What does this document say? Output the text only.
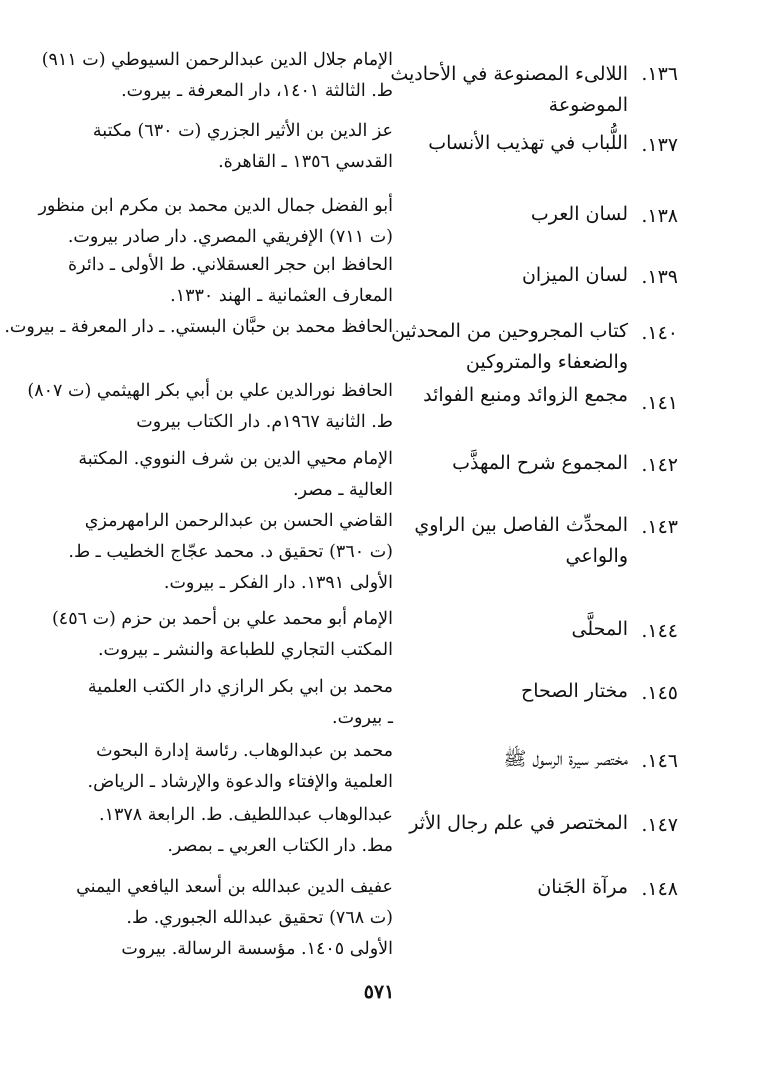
١٣٦.
اللالىء المصنوعة في الأحاديث
الموضوعة
الإمام جلال الدين عبدالرحمن السيوطي (ت ٩١١)
ط. الثالثة ١٤٠١، دار المعرفة ـ بيروت.
١٣٧.
اللُّباب في تهذيب الأنساب
عز الدين بن الأثير الجزري (ت ٦٣٠) مكتبة
القدسي ١٣٥٦ ـ القاهرة.
١٣٨.
لسان العرب
أبو الفضل جمال الدين محمد بن مكرم ابن منظور
(ت ٧١١) الإفريقي المصري. دار صادر بيروت.
١٣٩.
لسان الميزان
الحافظ ابن حجر العسقلاني. ط الأولى ـ دائرة
المعارف العثمانية ـ الهند ١٣٣٠.
١٤٠.
كتاب المجروحين من المحدثين
والضعفاء والمتروكين
الحافظ محمد بن حبَّان البستي. ـ دار المعرفة ـ بيروت.
١٤١.
مجمع الزوائد ومنبع الفوائد
الحافظ نورالدين علي بن أبي بكر الهيثمي (ت ٨٠٧)
ط. الثانية ١٩٦٧م. دار الكتاب بيروت
١٤٢.
المجموع شرح المهذَّب
الإمام محيي الدين بن شرف النووي. المكتبة
العالية ـ مصر.
١٤٣.
المحدِّث الفاصل بين الراوي
والواعي
القاضي الحسن بن عبدالرحمن الرامهرمزي
(ت ٣٦٠) تحقيق د. محمد عجّاج الخطيب ـ ط.
الأولى ١٣٩١. دار الفكر ـ بيروت.
١٤٤.
المحلَّى
الإمام أبو محمد علي بن أحمد بن حزم (ت ٤٥٦)
المكتب التجاري للطباعة والنشر ـ بيروت.
١٤٥.
مختار الصحاح
محمد بن ابي بكر الرازي دار الكتب العلمية
ـ بيروت.
١٤٦.
مختصر سيرة الرسول ﷺ
محمد بن عبدالوهاب. رئاسة إدارة البحوث
العلمية والإفتاء والدعوة والإرشاد ـ الرياض.
١٤٧.
المختصر في علم رجال الأثر
عبدالوهاب عبداللطيف. ط. الرابعة ١٣٧٨.
مط. دار الكتاب العربي ـ بمصر.
١٤٨.
مرآة الجَنان
عفيف الدين عبدالله بن أسعد اليافعي اليمني
(ت ٧٦٨) تحقيق عبدالله الجبوري. ط.
الأولى ١٤٠٥. مؤسسة الرسالة. بيروت
٥٧١
